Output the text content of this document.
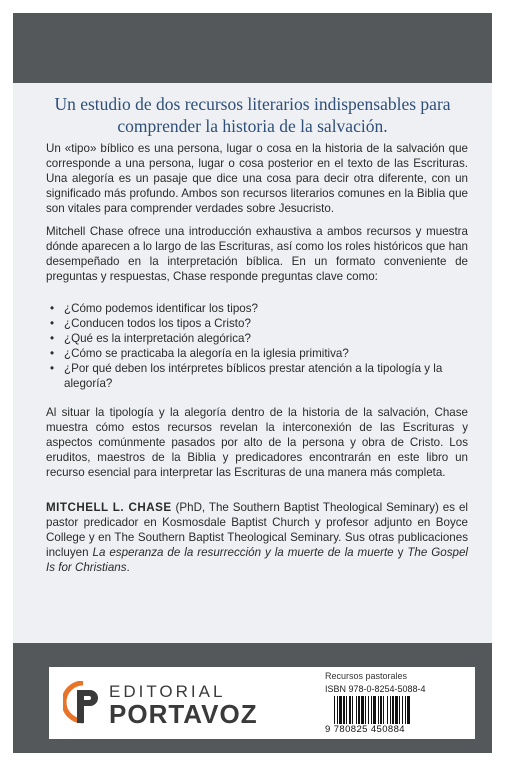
Un estudio de dos recursos literarios indispensables para comprender la historia de la salvación.

Un «tipo» bíblico es una persona, lugar o cosa en la historia de la salvación que corresponde a una persona, lugar o cosa posterior en el texto de las Escrituras. Una alegoría es un pasaje que dice una cosa para decir otra diferente, con un significado más profundo. Ambos son recursos literarios comunes en la Biblia que son vitales para comprender verdades sobre Jesucristo.

Mitchell Chase ofrece una introducción exhaustiva a ambos recursos y muestra dónde aparecen a lo largo de las Escrituras, así como los roles históricos que han desempeñado en la interpretación bíblica. En un formato conveniente de preguntas y respuestas, Chase responde preguntas clave como:

• ¿Cómo podemos identificar los tipos?
• ¿Conducen todos los tipos a Cristo?
• ¿Qué es la interpretación alegórica?
• ¿Cómo se practicaba la alegoría en la iglesia primitiva?
• ¿Por qué deben los intérpretes bíblicos prestar atención a la tipología y la alegoría?

Al situar la tipología y la alegoría dentro de la historia de la salvación, Chase muestra cómo estos recursos revelan la interconexión de las Escrituras y aspectos comúnmente pasados por alto de la persona y obra de Cristo. Los eruditos, maestros de la Biblia y predicadores encontrarán en este libro un recurso esencial para interpretar las Escrituras de una manera más completa.

MITCHELL L. CHASE (PhD, The Southern Baptist Theological Seminary) es el pastor predicador en Kosmosdale Baptist Church y profesor adjunto en Boyce College y en The Southern Baptist Theological Seminary. Sus otras publicaciones incluyen La esperanza de la resurrección y la muerte de la muerte y The Gospel Is for Christians.

EDITORIAL
PORTAVOZ
Recursos pastorales
ISBN 978-0-8254-5088-4
9 780825 450884
